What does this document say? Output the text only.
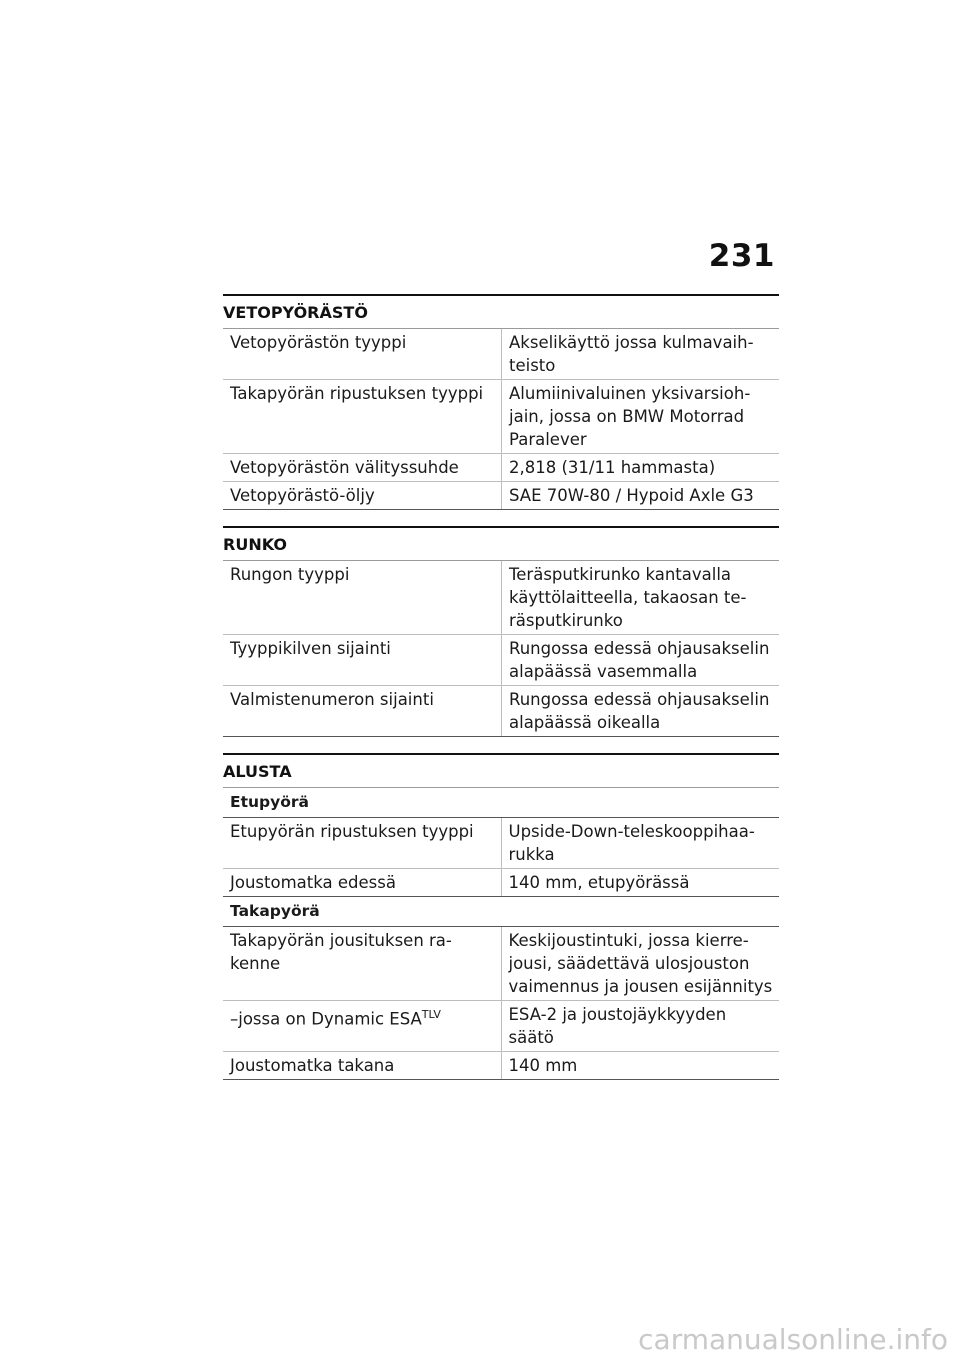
231
VETOPYÖRÄSTÖ
Vetopyörästön tyyppi	Akselikäyttö jossa kulmavaih-teisto
Takapyörän ripustuksen tyyppi	Alumiinivaluinen yksivarsioh-jain, jossa on BMW Motorrad Paralever
Vetopyörästön välityssuhde	2,818 (31/11 hammasta)
Vetopyörästö-öljy	SAE 70W-80 / Hypoid Axle G3
RUNKO
Rungon tyyppi	Teräsputkirunko kantavalla käyttölaitteella, takaosan te-räsputkirunko
Tyyppikilven sijainti	Rungossa edessä ohjausakselin alapäässä vasemmalla
Valmistenumeron sijainti	Rungossa edessä ohjausakselin alapäässä oikealla
ALUSTA
Etupyörä	
Etupyörän ripustuksen tyyppi	Upside-Down-teleskooppihaa-rukka
Joustomatka edessä	140 mm, etupyörässä
Takapyörä	
Takapyörän jousituksen ra-kenne	Keskijoustintuki, jossa kierre-jousi, säädettävä ulosjouston vaimennus ja jousen esijännitys
–jossa on Dynamic $ESA^{TLV}$	ESA-2 ja joustojäykkyyden säätö
Joustomatka takana	140 mm
carmanualsonline.info
